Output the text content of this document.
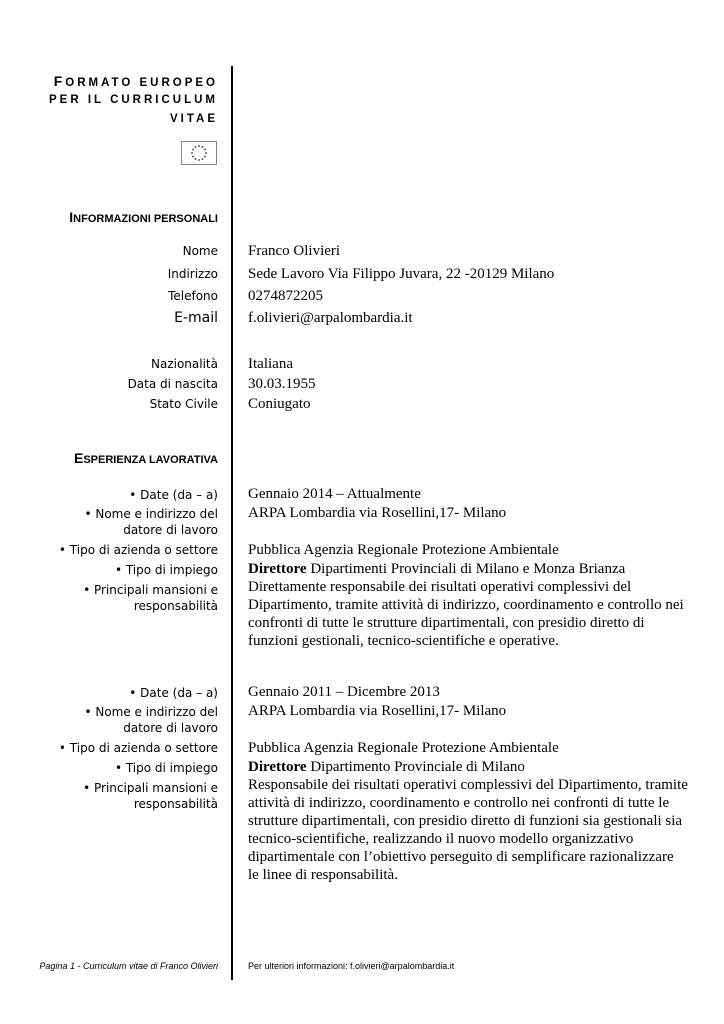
FORMATO EUROPEO
PER IL CURRICULUM
VITAE
INFORMAZIONI PERSONALI
Nome Franco Olivieri
Indirizzo Sede Lavoro Via Filippo Juvara, 22 -20129 Milano
Telefono 0274872205
E-mail f.olivieri@arpalombardia.it
Nazionalità Italiana
Data di nascita 30.03.1955
Stato Civile Coniugato
ESPERIENZA LAVORATIVA
• Date (da – a) Gennaio 2014 – Attualmente
• Nome e indirizzo del
datore di lavoro
ARPA Lombardia via Rosellini,17- Milano
• Tipo di azienda o settore Pubblica Agenzia Regionale Protezione Ambientale
• Tipo di impiego Direttore Dipartimenti Provinciali di Milano e Monza Brianza
• Principali mansioni e
responsabilità
Direttamente responsabile dei risultati operativi complessivi del Dipartimento, tramite attività di indirizzo, coordinamento e controllo nei confronti di tutte le strutture dipartimentali, con presidio diretto di funzioni gestionali, tecnico-scientifiche e operative.
• Date (da – a) Gennaio 2011 – Dicembre 2013
• Nome e indirizzo del
datore di lavoro
ARPA Lombardia via Rosellini,17- Milano
• Tipo di azienda o settore Pubblica Agenzia Regionale Protezione Ambientale
• Tipo di impiego Direttore Dipartimento Provinciale di Milano
• Principali mansioni e
responsabilità
Responsabile dei risultati operativi complessivi del Dipartimento, tramite attività di indirizzo, coordinamento e controllo nei confronti di tutte le strutture dipartimentali, con presidio diretto di funzioni sia gestionali sia tecnico-scientifiche, realizzando il nuovo modello organizzativo dipartimentale con l’obiettivo perseguito di semplificare razionalizzare le linee di responsabilità.
Pagina 1 - Curriculum vitae di Franco Olivieri	Per ulteriori informazioni: f.olivieri@arpalombardia.it
